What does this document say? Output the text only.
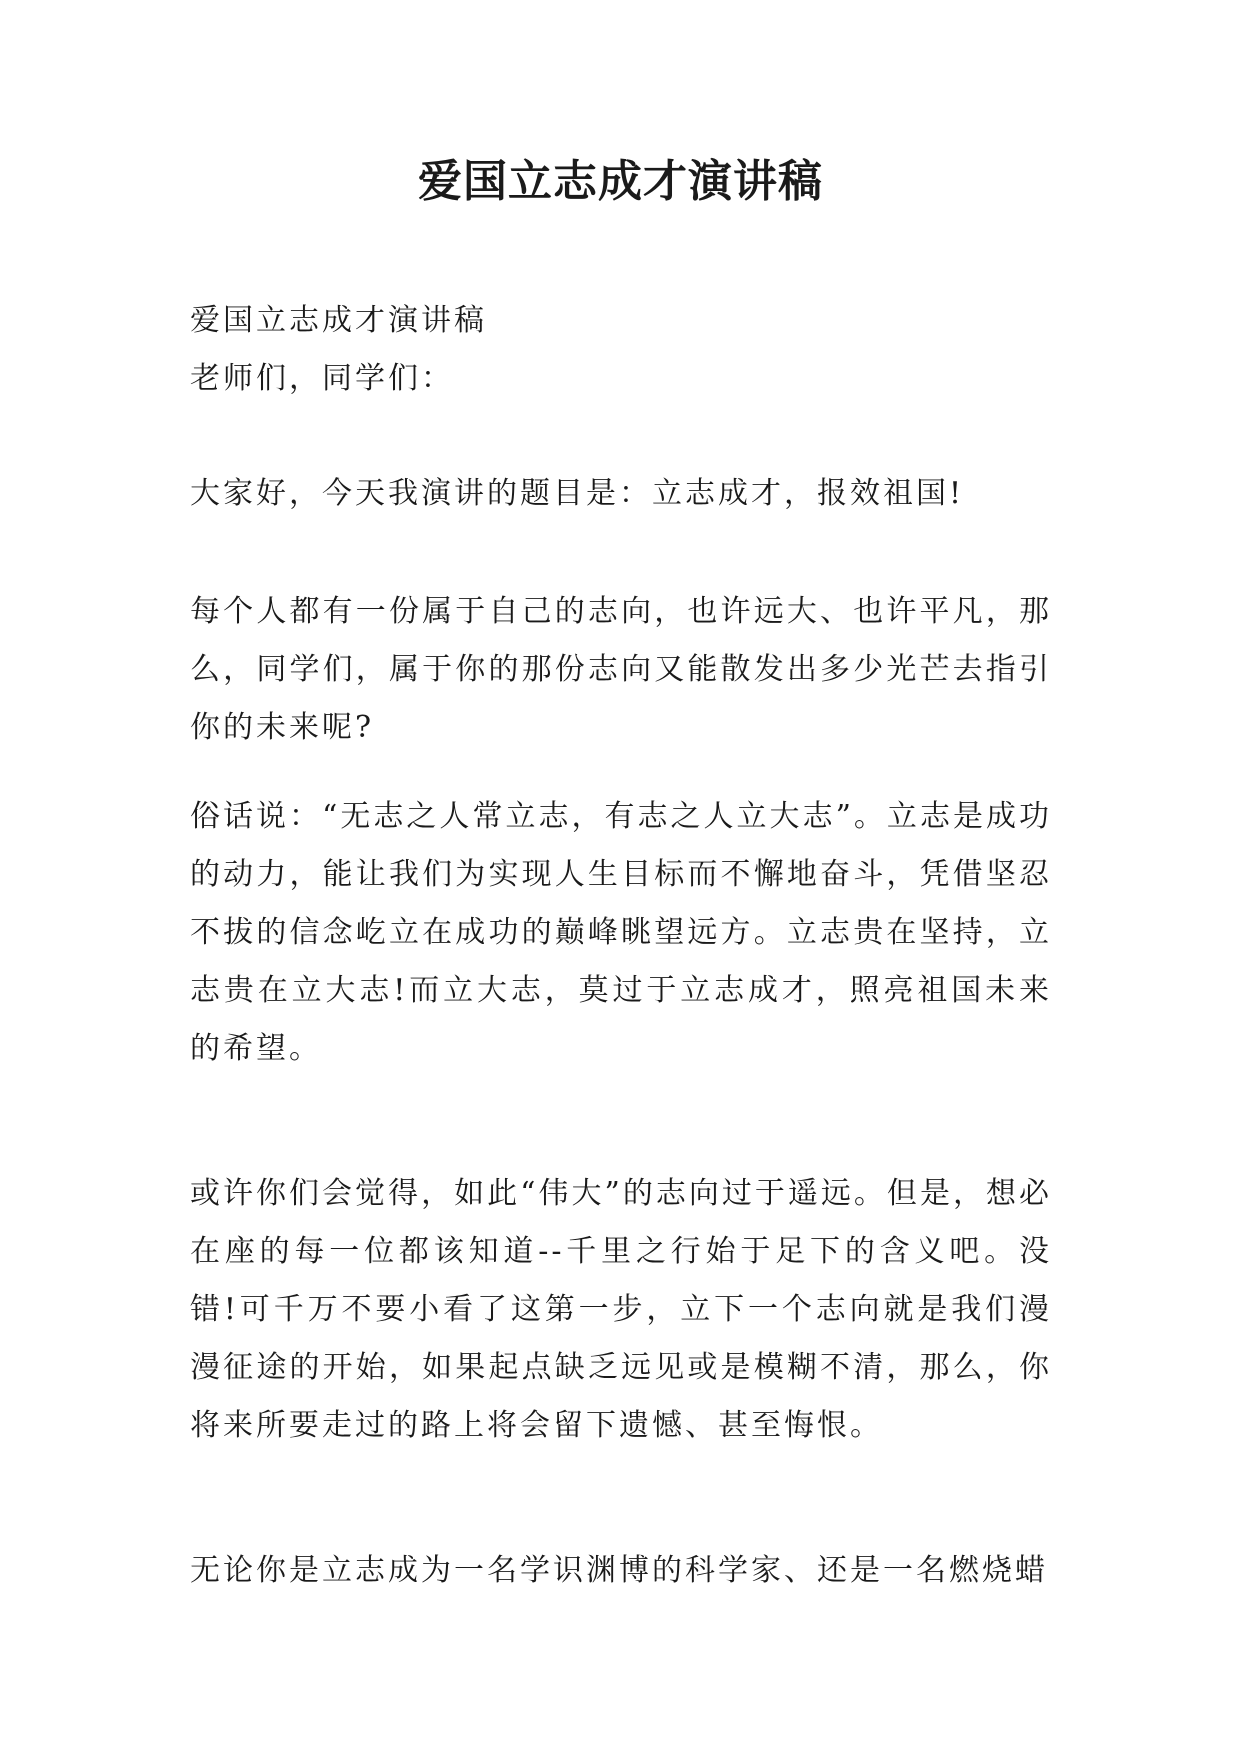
爱国立志成才演讲稿

爱国立志成才演讲稿

老师们，同学们：

大家好，今天我演讲的题目是：立志成才，报效祖国!

每个人都有一份属于自己的志向，也许远大、也许平凡，那么，同学们，属于你的那份志向又能散发出多少光芒去指引你的未来呢?

俗话说：“无志之人常立志，有志之人立大志”。立志是成功的动力，能让我们为实现人生目标而不懈地奋斗，凭借坚忍不拔的信念屹立在成功的巅峰眺望远方。立志贵在坚持，立志贵在立大志!而立大志，莫过于立志成才，照亮祖国未来的希望。

或许你们会觉得，如此“伟大”的志向过于遥远。但是，想必在座的每一位都该知道--千里之行始于足下的含义吧。没错!可千万不要小看了这第一步，立下一个志向就是我们漫漫征途的开始，如果起点缺乏远见或是模糊不清，那么，你将来所要走过的路上将会留下遗憾、甚至悔恨。

无论你是立志成为一名学识渊博的科学家、还是一名燃烧蜡
